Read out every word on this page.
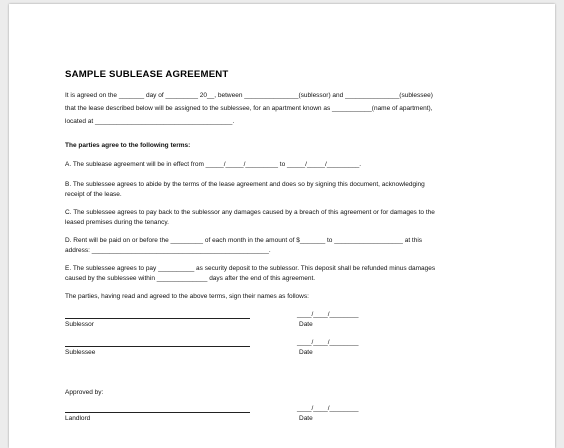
SAMPLE SUBLEASE AGREEMENT
It is agreed on the _______ day of _________ 20__, between _______________(sublessor) and _______________(sublessee)
that the lease described below will be assigned to the sublessee, for an apartment known as ___________(name of apartment),
located at ______________________________________.
The parties agree to the following terms:
A. The sublease agreement will be in effect from _____/_____/_________ to _____/_____/_________.
B. The sublessee agrees to abide by the terms of the lease agreement and does so by signing this document, acknowledging
receipt of the lease.
C. The sublessee agrees to pay back to the sublessor any damages caused by a breach of this agreement or for damages to the
leased premises during the tenancy.
D. Rent will be paid on or before the _________ of each month in the amount of $_______ to ___________________ at this
address: _________________________________________________.
E. The sublessee agrees to pay __________ as security deposit to the sublessor. This deposit shall be refunded minus damages
caused by the sublessee within ______________ days after the end of this agreement.
The parties, having read and agreed to the above terms, sign their names as follows:
Sublessor
____/____/________
Date
Sublessee
____/____/________
Date
Approved by:
Landlord
____/____/________
Date
